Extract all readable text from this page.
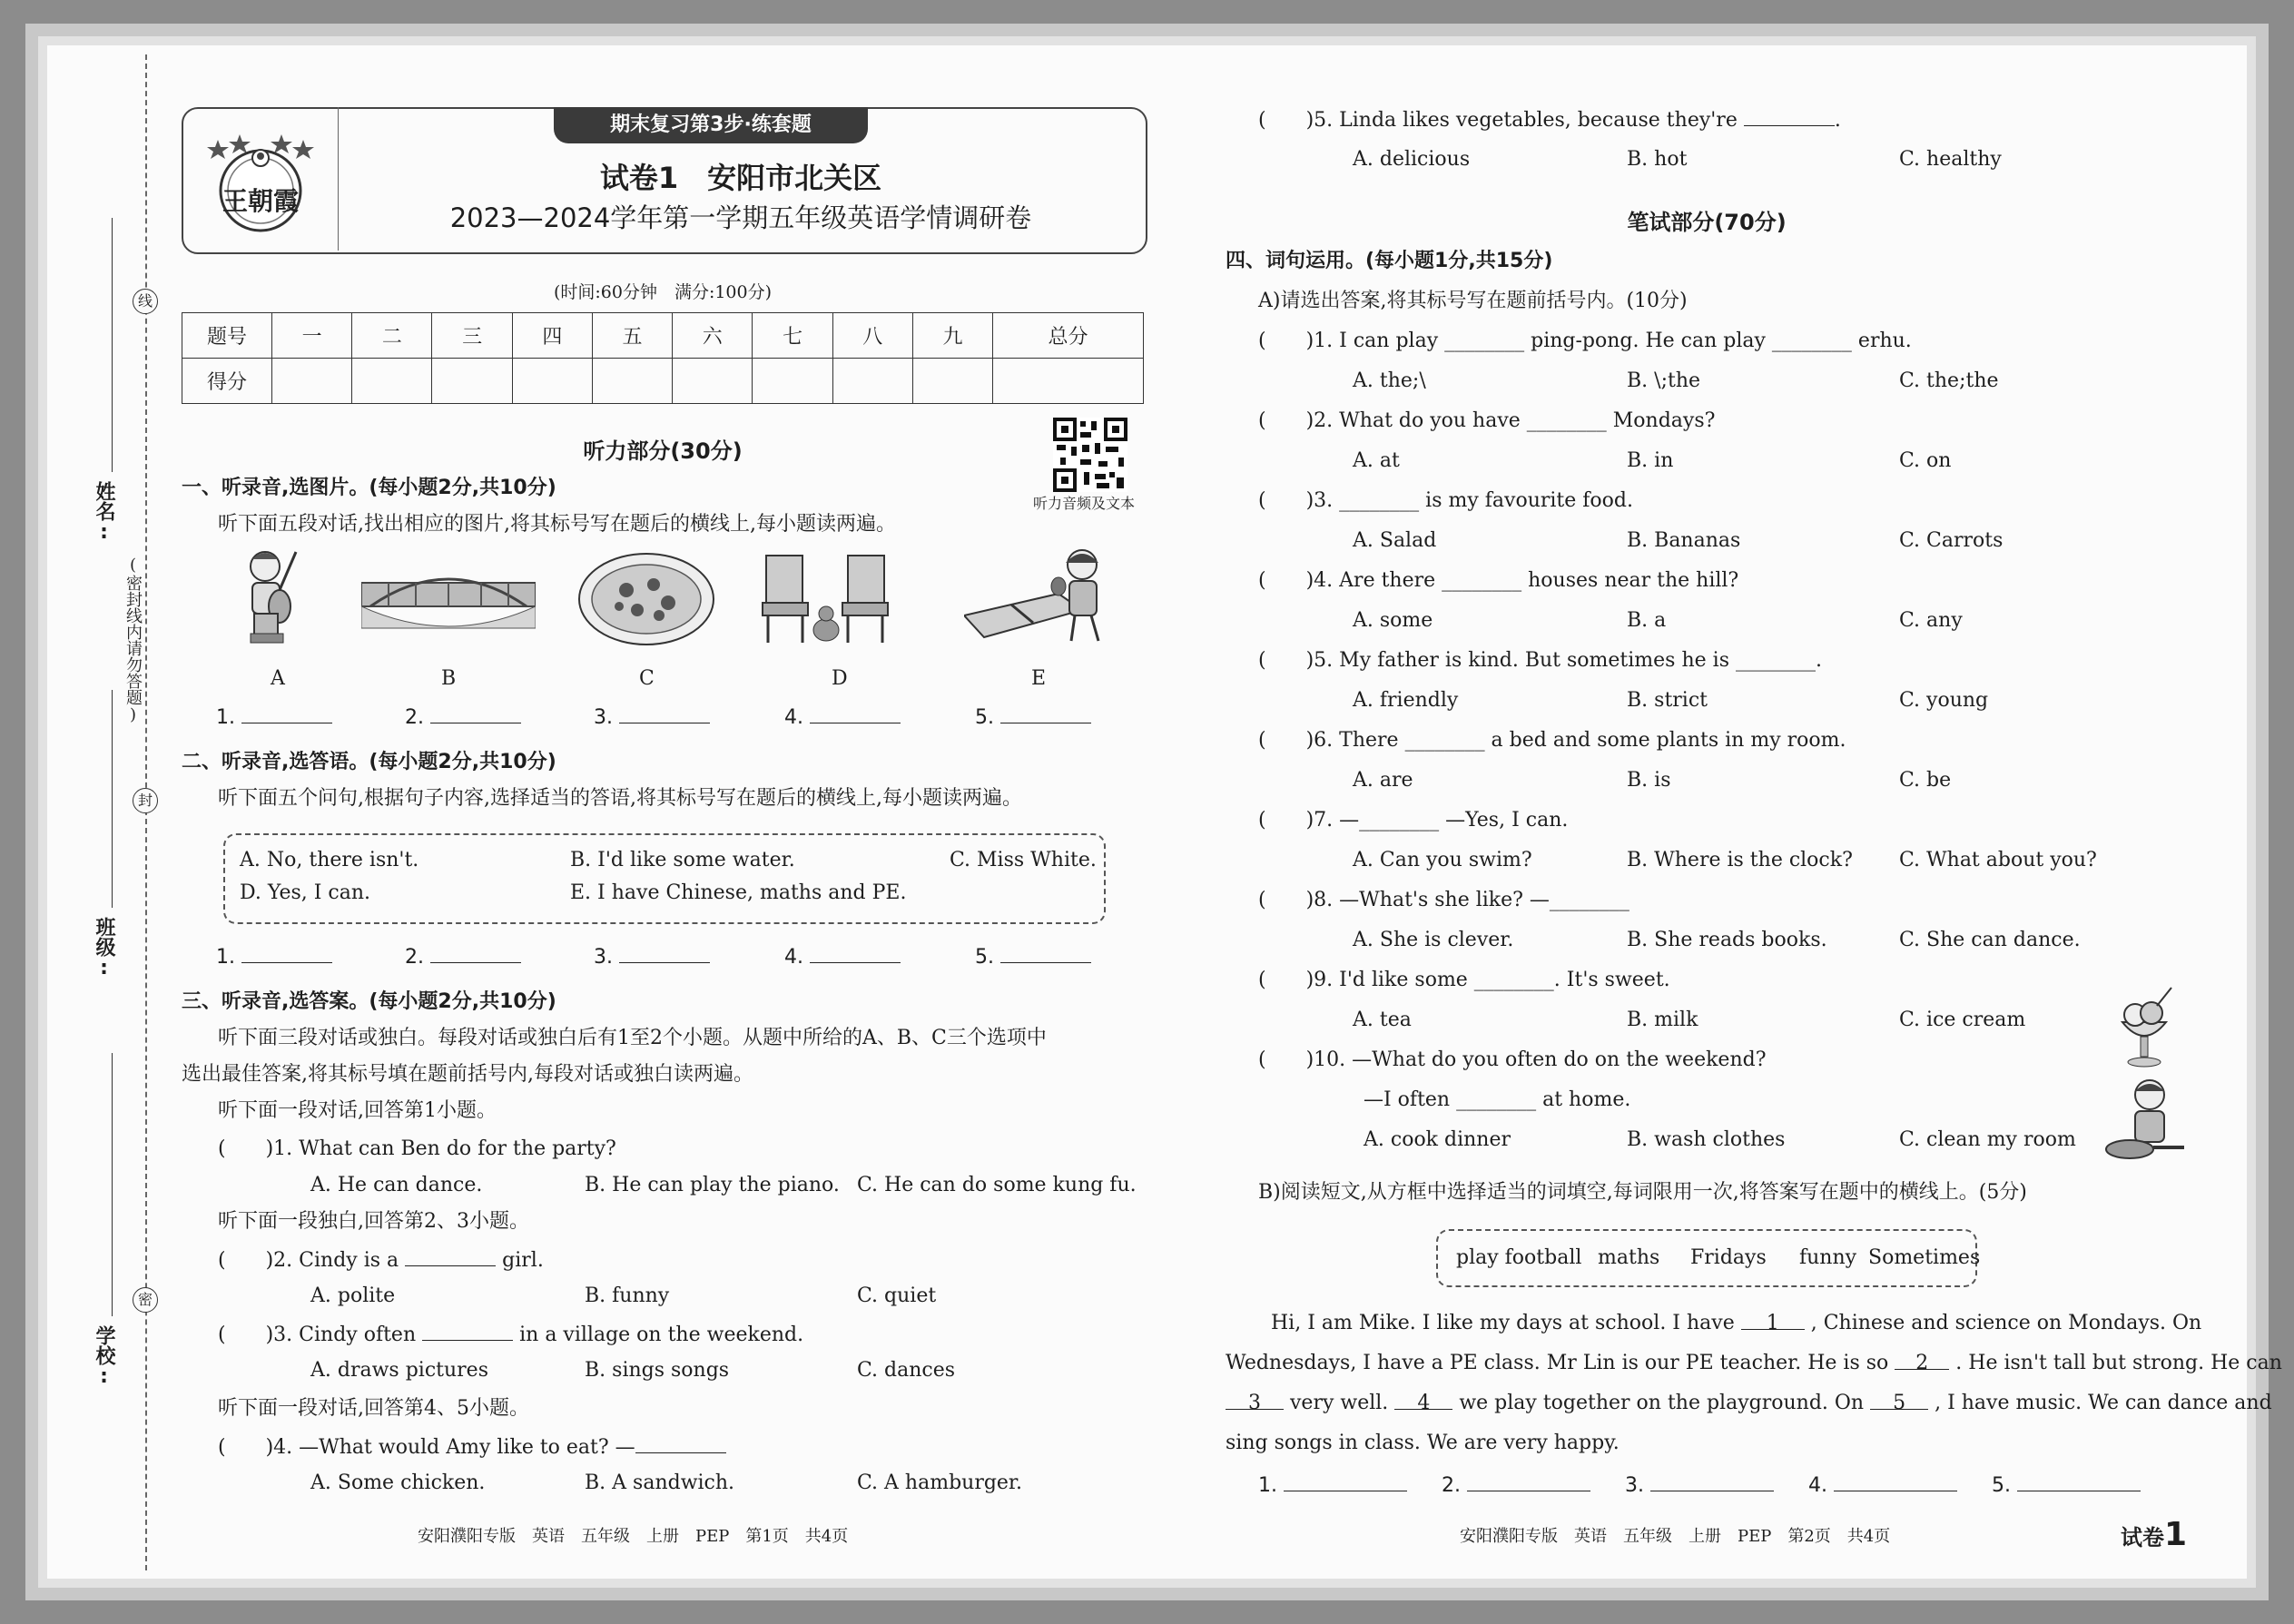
学校:
班级:
姓名:
线
封
密
(密封线内请勿答题)
王朝霞
期末复习第3步·练套题
试卷1　安阳市北关区
2023—2024学年第一学期五年级英语学情调研卷
(时间:60分钟　满分:100分)
题号	一	二	三	四	五	六	七	八	九	总分
得分										
听力音频及文本
听力部分(30分)
一、听录音,选图片。(每小题2分,共10分)
听下面五段对话,找出相应的图片,将其标号写在题后的横线上,每小题读两遍。
A	B	C	D	E
1.	2.	3.	4.	5.
二、听录音,选答语。(每小题2分,共10分)
听下面五个问句,根据句子内容,选择适当的答语,将其标号写在题后的横线上,每小题读两遍。
A. No, there isn't.	B. I'd like some water.	C. Miss White.
D. Yes, I can.	E. I have Chinese, maths and PE.
1.	2.	3.	4.	5.
三、听录音,选答案。(每小题2分,共10分)
听下面三段对话或独白。每段对话或独白后有1至2个小题。从题中所给的A、B、C三个选项中
选出最佳答案,将其标号填在题前括号内,每段对话或独白读两遍。
听下面一段对话,回答第1小题。
(　　)1. What can Ben do for the party?
A. He can dance.	B. He can play the piano. C. He can do some kung fu.
听下面一段独白,回答第2、3小题。
(　　)2. Cindy is a	girl.
A. polite	B. funny	C. quiet
(　　)3. Cindy often	in a village on the weekend.
A. draws pictures	B. sings songs	C. dances
听下面一段对话,回答第4、5小题。
(　　)4. —What would Amy like to eat? —
A. Some chicken.	B. A sandwich.	C. A hamburger.
安阳濮阳专版　英语　五年级　上册　PEP　第1页　共4页
(　　)5. Linda likes vegetables, because they're	.
A. delicious	B. hot	C. healthy
笔试部分(70分)
四、词句运用。(每小题1分,共15分)
A)请选出答案,将其标号写在题前括号内。(10分)
(　　)1. I can play ________ ping-pong. He can play ________ erhu.
A. the;\	B. \;the	C. the;the
(　　)2. What do you have ________ Mondays?
A. at	B. in	C. on
(　　)3. ________ is my favourite food.
A. Salad	B. Bananas	C. Carrots
(　　)4. Are there ________ houses near the hill?
A. some	B. a	C. any
(　　)5. My father is kind. But sometimes he is ________.
A. friendly	B. strict	C. young
(　　)6. There ________ a bed and some plants in my room.
A. are	B. is	C. be
(　　)7. —________ —Yes, I can.
A. Can you swim?	B. Where is the clock? C. What about you?
(　　)8. —What's she like? —________
A. She is clever.	B. She reads books.	C. She can dance.
(　　)9. I'd like some ________. It's sweet.
A. tea	B. milk	C. ice cream
(　　)10. —What do you often do on the weekend?
—I often ________ at home.
A. cook dinner	B. wash clothes	C. clean my room
B)阅读短文,从方框中选择适当的词填空,每词限用一次,将答案写在题中的横线上。(5分)
play football maths Fridays funny Sometimes
Hi, I am Mike. I like my days at school. I have 1 , Chinese and science on Mondays. On
Wednesdays, I have a PE class. Mr Lin is our PE teacher. He is so 2 . He isn't tall but strong. He can
3 very well. 4 we play together on the playground. On 5 , I have music. We can dance and
sing songs in class. We are very happy.
1.	2.	3.	4.	5.
安阳濮阳专版　英语　五年级　上册　PEP　第2页　共4页	试卷1
